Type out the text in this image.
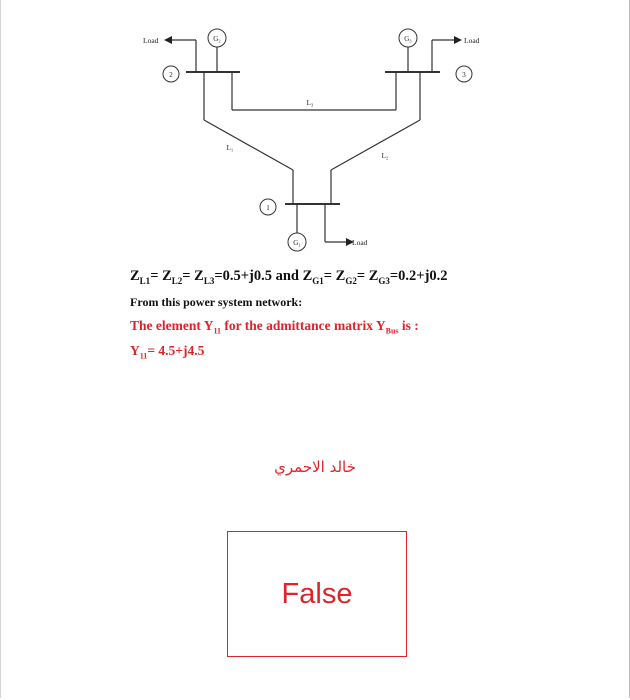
Load	Load
Load
G₂	G₃
G₁
2	3
1
L₃
L₁
L₂
$Z_{L1}= Z_{L2}= Z_{L3}=0.5+j0.5$ and $Z_{G1}= Z_{G2}= Z_{G3}=0.2+j0.2$
From this power system network:
The element $Y_{11}$ for the admittance matrix $Y_{Bus}$ is :
$Y_{11}= 4.5+j4.5$
خالد الاحمري
False
